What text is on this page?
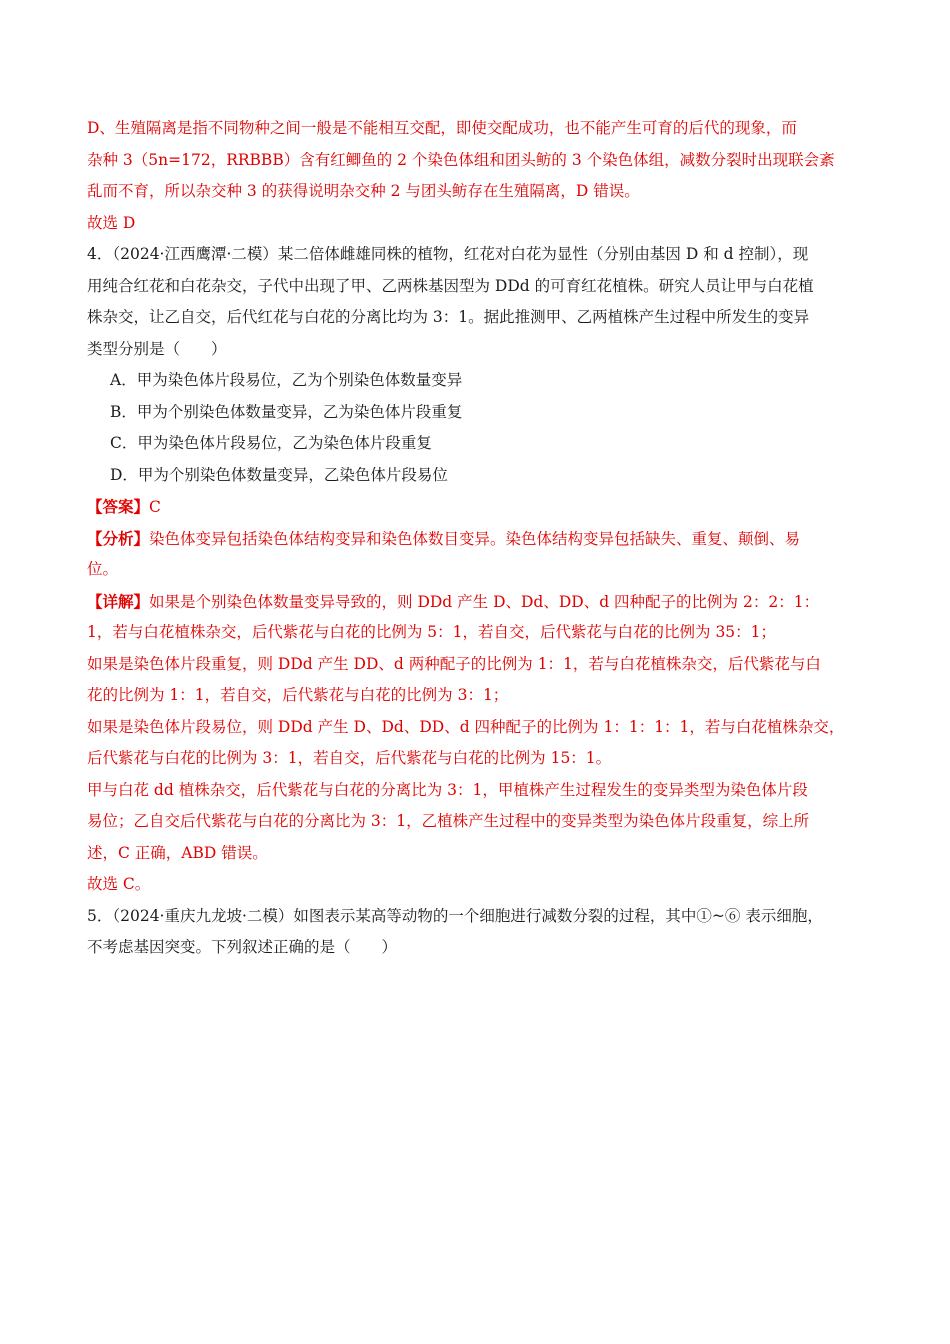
D、生殖隔离是指不同物种之间一般是不能相互交配，即使交配成功，也不能产生可育的后代的现象，而
杂种 3（5n=172，RRBBB）含有红鲫鱼的 2 个染色体组和团头鲂的 3 个染色体组，减数分裂时出现联会紊
乱而不育，所以杂交种 3 的获得说明杂交种 2 与团头鲂存在生殖隔离，D 错误。
故选 D
4．（2024·江西鹰潭·二模）某二倍体雌雄同株的植物，红花对白花为显性（分别由基因 D 和 d 控制），现
用纯合红花和白花杂交，子代中出现了甲、乙两株基因型为 DDd 的可育红花植株。研究人员让甲与白花植
株杂交，让乙自交，后代红花与白花的分离比均为 3：1。据此推测甲、乙两植株产生过程中所发生的变异
类型分别是（　　）
A．甲为染色体片段易位，乙为个别染色体数量变异
B．甲为个别染色体数量变异，乙为染色体片段重复
C．甲为染色体片段易位，乙为染色体片段重复
D．甲为个别染色体数量变异，乙染色体片段易位
【答案】C
【分析】染色体变异包括染色体结构变异和染色体数目变异。染色体结构变异包括缺失、重复、颠倒、易
位。
【详解】如果是个别染色体数量变异导致的，则 DDd 产生 D、Dd、DD、d 四种配子的比例为 2：2：1：
1，若与白花植株杂交，后代紫花与白花的比例为 5：1，若自交，后代紫花与白花的比例为 35：1；
如果是染色体片段重复，则 DDd 产生 DD、d 两种配子的比例为 1：1，若与白花植株杂交，后代紫花与白
花的比例为 1：1，若自交，后代紫花与白花的比例为 3：1；
如果是染色体片段易位，则 DDd 产生 D、Dd、DD、d 四种配子的比例为 1：1：1：1，若与白花植株杂交，
后代紫花与白花的比例为 3：1，若自交，后代紫花与白花的比例为 15：1。
甲与白花 dd 植株杂交，后代紫花与白花的分离比为 3：1，甲植株产生过程发生的变异类型为染色体片段
易位；乙自交后代紫花与白花的分离比为 3：1，乙植株产生过程中的变异类型为染色体片段重复，综上所
述，C 正确，ABD 错误。
故选 C。
5．（2024·重庆九龙坡·二模）如图表示某高等动物的一个细胞进行减数分裂的过程，其中①~⑥ 表示细胞，
不考虑基因突变。下列叙述正确的是（　　）
